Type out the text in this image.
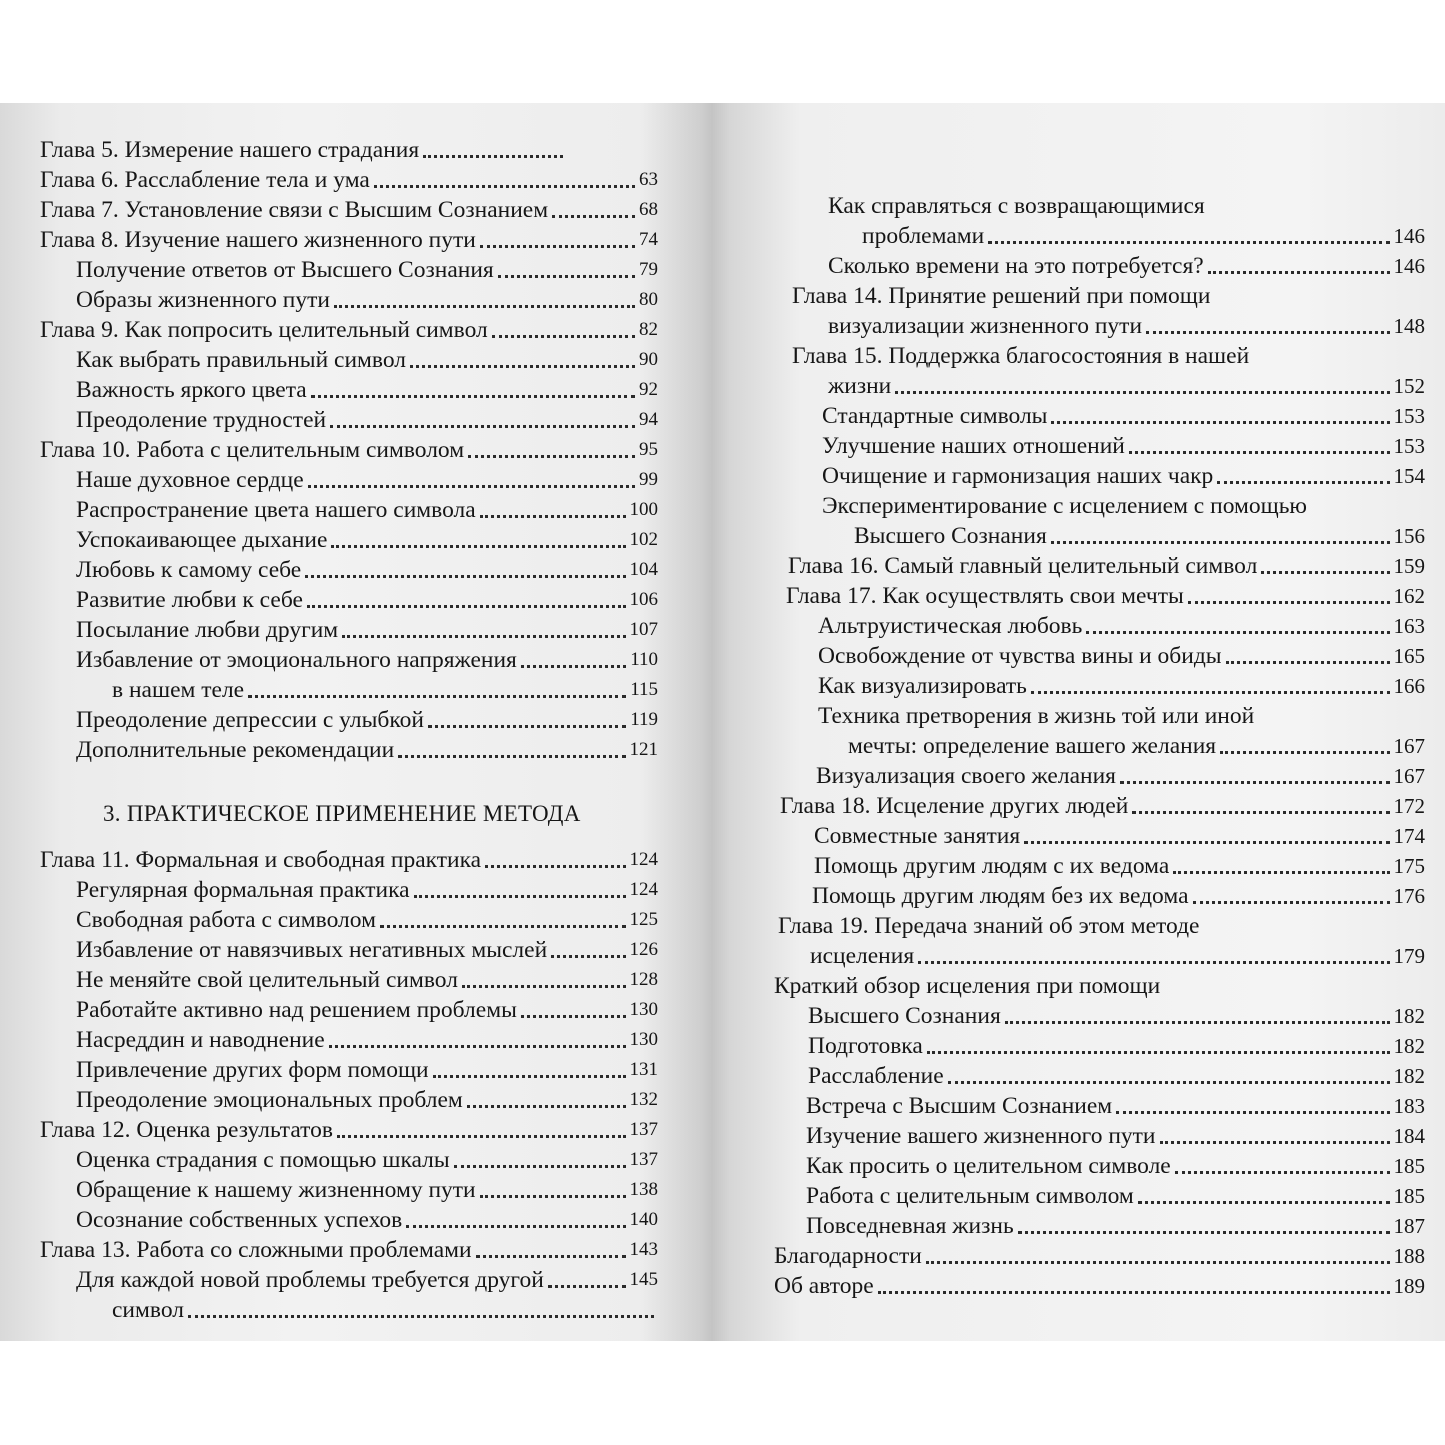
Глава 5. Измерение нашего страдания
Глава 6. Расслабление тела и ума	63
Глава 7. Установление связи с Высшим Сознанием	68
Глава 8. Изучение нашего жизненного пути	74
Получение ответов от Высшего Сознания	79
Образы жизненного пути	80
Глава 9. Как попросить целительный символ	82
Как выбрать правильный символ	90
Важность яркого цвета	92
Преодоление трудностей	94
Глава 10. Работа с целительным символом	95
Наше духовное сердце	99
Распространение цвета нашего символа	100
Успокаивающее дыхание	102
Любовь к самому себе	104
Развитие любви к себе	106
Посылание любви другим	107
Избавление от эмоционального напряжения	110
в нашем теле	115
Преодоление депрессии с улыбкой	119
Дополнительные рекомендации	121
3. ПРАКТИЧЕСКОЕ ПРИМЕНЕНИЕ МЕТОДА
Глава 11. Формальная и свободная практика	124
Регулярная формальная практика	124
Свободная работа с символом	125
Избавление от навязчивых негативных мыслей	126
Не меняйте свой целительный символ	128
Работайте активно над решением проблемы	130
Насреддин и наводнение	130
Привлечение других форм помощи	131
Преодоление эмоциональных проблем	132
Глава 12. Оценка результатов	137
Оценка страдания с помощью шкалы	137
Обращение к нашему жизненному пути	138
Осознание собственных успехов	140
Глава 13. Работа со сложными проблемами	143
Для каждой новой проблемы требуется другой	145
символ
Как справляться с возвращающимися
проблемами	146
Сколько времени на это потребуется?	146
Глава 14. Принятие решений при помощи
визуализации жизненного пути	148
Глава 15. Поддержка благосостояния в нашей
жизни	152
Стандартные символы	153
Улучшение наших отношений	153
Очищение и гармонизация наших чакр	154
Экспериментирование с исцелением с помощью
Высшего Сознания	156
Глава 16. Самый главный целительный символ	159
Глава 17. Как осуществлять свои мечты	162
Альтруистическая любовь	163
Освобождение от чувства вины и обиды	165
Как визуализировать	166
Техника претворения в жизнь той или иной
мечты: определение вашего желания	167
Визуализация своего желания	167
Глава 18. Исцеление других людей	172
Совместные занятия	174
Помощь другим людям с их ведома	175
Помощь другим людям без их ведома	176
Глава 19. Передача знаний об этом методе
исцеления	179
Краткий обзор исцеления при помощи
Высшего Сознания	182
Подготовка	182
Расслабление	182
Встреча с Высшим Сознанием	183
Изучение вашего жизненного пути	184
Как просить о целительном символе	185
Работа с целительным символом	185
Повседневная жизнь	187
Благодарности	188
Об авторе	189
